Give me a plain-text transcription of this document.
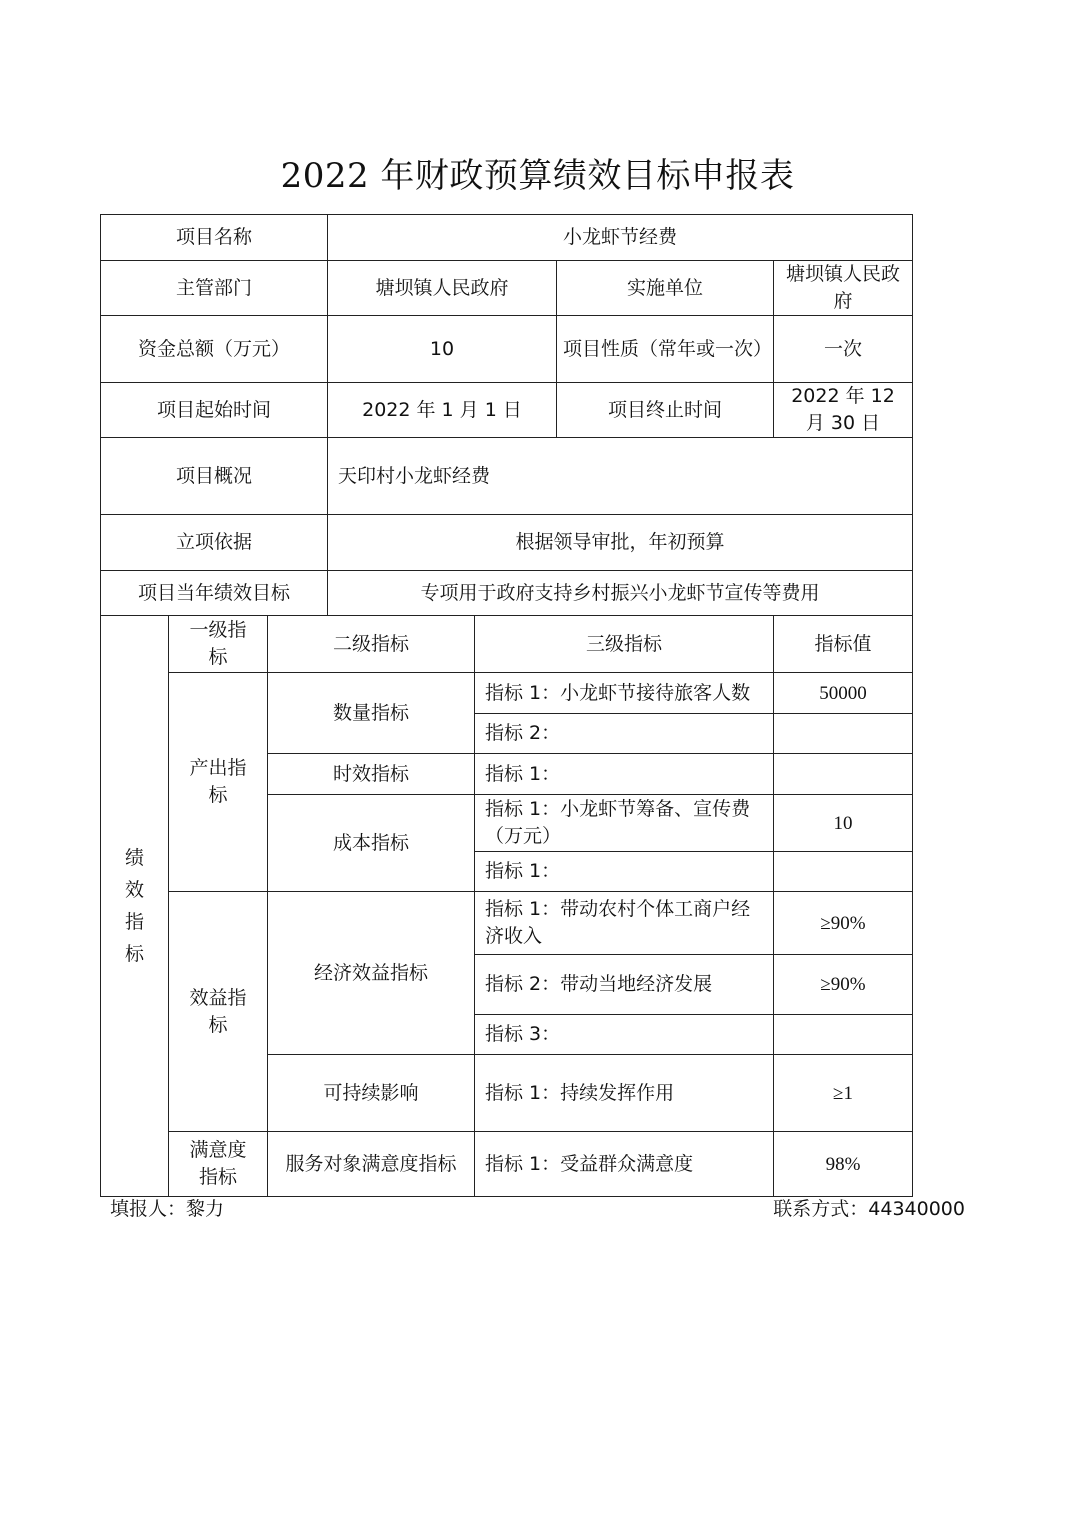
2022 年财政预算绩效目标申报表
项目名称			小龙虾节经费			
主管部门			塘坝镇人民政府		实施单位	塘坝镇人民政府
资金总额（万元）			10		项目性质（常年或一次）	一次
项目起始时间			2022 年 1 月 1 日		项目终止时间	2022 年 12 月 30 日
项目概况			天印村小龙虾经费			
立项依据			根据领导审批，年初预算			
项目当年绩效目标			专项用于政府支持乡村振兴小龙虾节宣传等费用			
绩效指标	一级指标	二级指标		三级指标		指标值
	产出指标	数量指标		指标 1：小龙虾节接待旅客人数		50000
				指标 2：		
		时效指标		指标 1：		
		成本指标		指标 1：小龙虾节筹备、宣传费（万元）		10
				指标 1：		
	效益指标	经济效益指标		指标 1：带动农村个体工商户经济收入		≥90%
				指标 2：带动当地经济发展		≥90%
				指标 3：		
		可持续影响		指标 1：持续发挥作用		≥1
	满意度指标	服务对象满意度指标		指标 1：受益群众满意度		98%
填报人：黎力	联系方式：44340000
